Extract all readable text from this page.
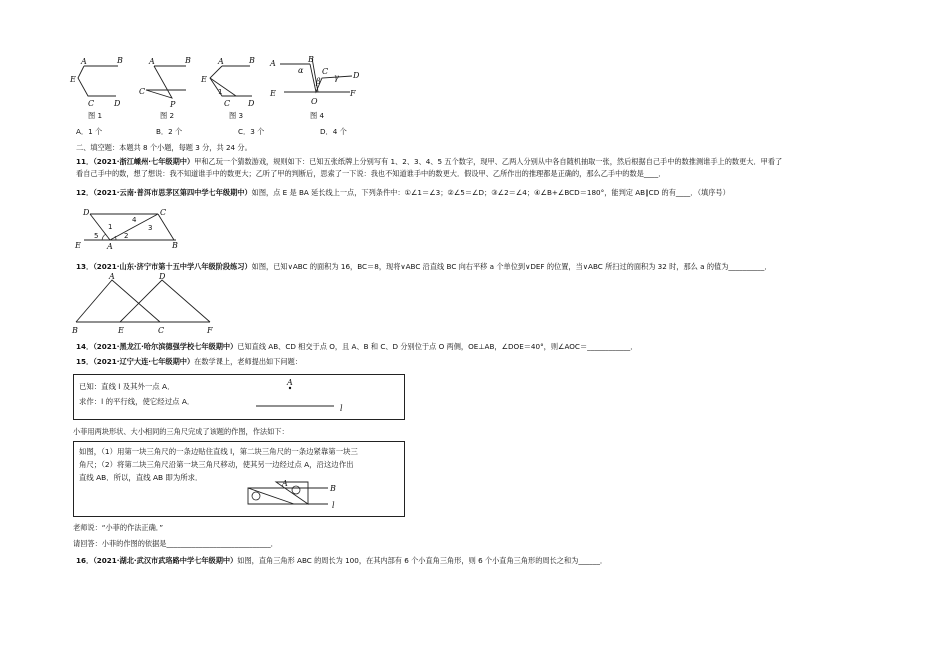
A	B
E
C D
图 1
A	B
C
P
图 2
A	B
E
1
C D
图 3
A	B
α C
β γ D
E
O
F
图 4
A．1 个	B．2 个	C．3 个	D．4 个
二、填空题：本题共 8 个小题，每题 3 分，共 24 分。
11．（2021·浙江嵊州·七年级期中）甲和乙玩一个猜数游戏，规则如下：已知五张纸牌上分别写有 1、2、3、4、5 五个数字，现甲、乙两人分别从中各自随机抽取一张，然后根据自己手中的数推测谁手上的数更大．甲看了
看自己手中的数，想了想说：我不知道谁手中的数更大；乙听了甲的判断后，思索了一下说：我也不知道谁手中的数更大．假设甲、乙所作出的推理都是正确的，那么乙手中的数是____．
12．（2021·云南·普洱市思茅区第四中学七年级期中）如图，点 E 是 BA 延长线上一点，下列条件中：①∠1＝∠3；②∠5＝∠D；③∠2＝∠4；④∠B+∠BCD＝180°，能判定 AB∥CD 的有____．（填序号）
D	C
E	A	B
4
1	3
5	2
13．（2021·山东·济宁市第十五中学八年级阶段练习）如图，已知∨ABC 的面积为 16，BC＝8，现将∨ABC 沿直线 BC 向右平移 a 个单位到∨DEF 的位置，当∨ABC 所扫过的面积为 32 时，那么 a 的值为__________．
A	D
B	E	C	F
14．（2021·黑龙江·哈尔滨德强学校七年级期中）已知直线 AB、CD 相交于点 O，且 A、B 和 C、D 分别位于点 O 两侧，OE⊥AB，∠DOE＝40°，则∠AOC＝____________．
15．（2021·辽宁大连·七年级期中）在数学课上，老师提出如下问题：
已知：直线 l 及其外一点 A．
求作：l 的平行线，使它经过点 A．
A
l
小菲用两块形状、大小相同的三角尺完成了该题的作图，作法如下：
如图，（1）用第一块三角尺的一条边贴住直线 l，第二块三角尺的一条边紧靠第一块三
角尺；（2）将第二块三角尺沿第一块三角尺移动，使其另一边经过点 A，沿这边作出
直线 AB．所以，直线 AB 即为所求．
A
B
l
老师说：“小菲的作法正确．”
请回答：小菲的作图的依据是_____________________________．
16．（2021·湖北·武汉市武珞路中学七年级期中）如图，直角三角形 ABC 的周长为 100，在其内部有 6 个小直角三角形，则 6 个小直角三角形的周长之和为______．
